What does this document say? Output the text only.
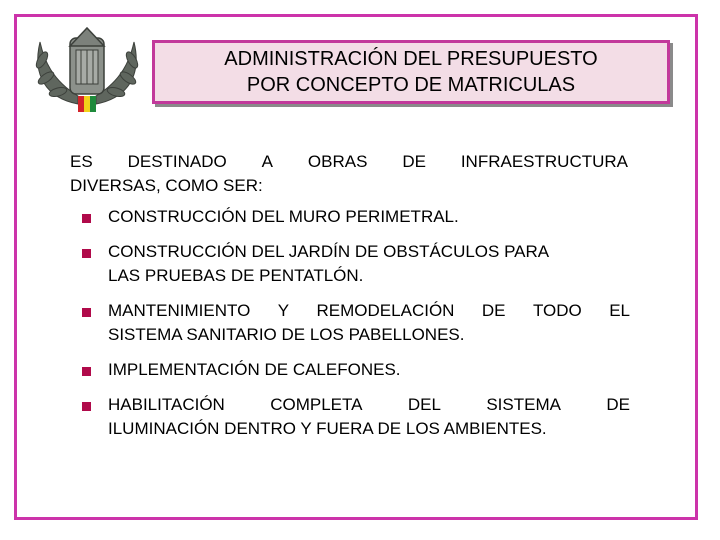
ADMINISTRACIÓN DEL PRESUPUESTO
POR CONCEPTO DE MATRICULAS
ES DESTINADO A OBRAS DE INFRAESTRUCTURA
DIVERSAS, COMO SER:
CONSTRUCCIÓN DEL MURO PERIMETRAL.
CONSTRUCCIÓN DEL JARDÍN DE OBSTÁCULOS PARA
LAS PRUEBAS DE PENTATLÓN.
MANTENIMIENTO Y REMODELACIÓN DE TODO EL
SISTEMA SANITARIO DE LOS PABELLONES.
IMPLEMENTACIÓN DE CALEFONES.
HABILITACIÓN	COMPLETA	DEL	SISTEMA	DE
ILUMINACIÓN DENTRO Y FUERA DE LOS AMBIENTES.
